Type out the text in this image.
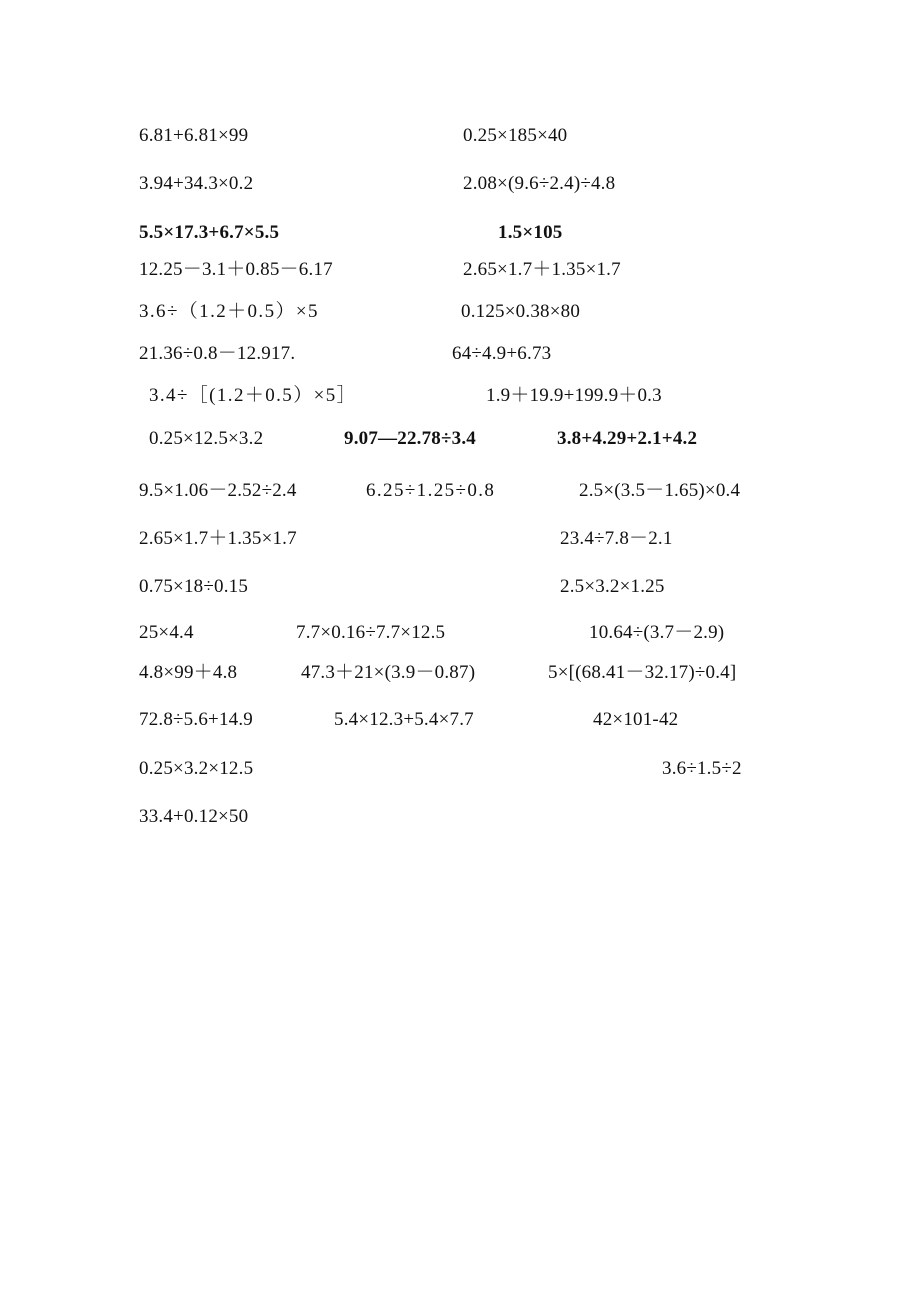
6.81+6.81×99	0.25×185×40
3.94+34.3×0.2	2.08×(9.6÷2.4)÷4.8
5.5×17.3+6.7×5.5	1.5×105
12.25－3.1＋0.85－6.17	2.65×1.7＋1.35×1.7
3.6÷（1.2＋0.5）×5	0.125×0.38×80
21.36÷0.8－12.917.	64÷4.9+6.73
3.4÷［(1.2＋0.5）×5］	1.9＋19.9+199.9＋0.3
0.25×12.5×3.2	9.07—22.78÷3.4	3.8+4.29+2.1+4.2
9.5×1.06－2.52÷2.4	6.25÷1.25÷0.8	2.5×(3.5－1.65)×0.4
2.65×1.7＋1.35×1.7	23.4÷7.8－2.1
0.75×18÷0.15	2.5×3.2×1.25
25×4.4	7.7×0.16÷7.7×12.5	10.64÷(3.7－2.9)
4.8×99＋4.8	47.3＋21×(3.9－0.87)	5×[(68.41－32.17)÷0.4]
72.8÷5.6+14.9	5.4×12.3+5.4×7.7	42×101-42
0.25×3.2×12.5	3.6÷1.5÷2
33.4+0.12×50
